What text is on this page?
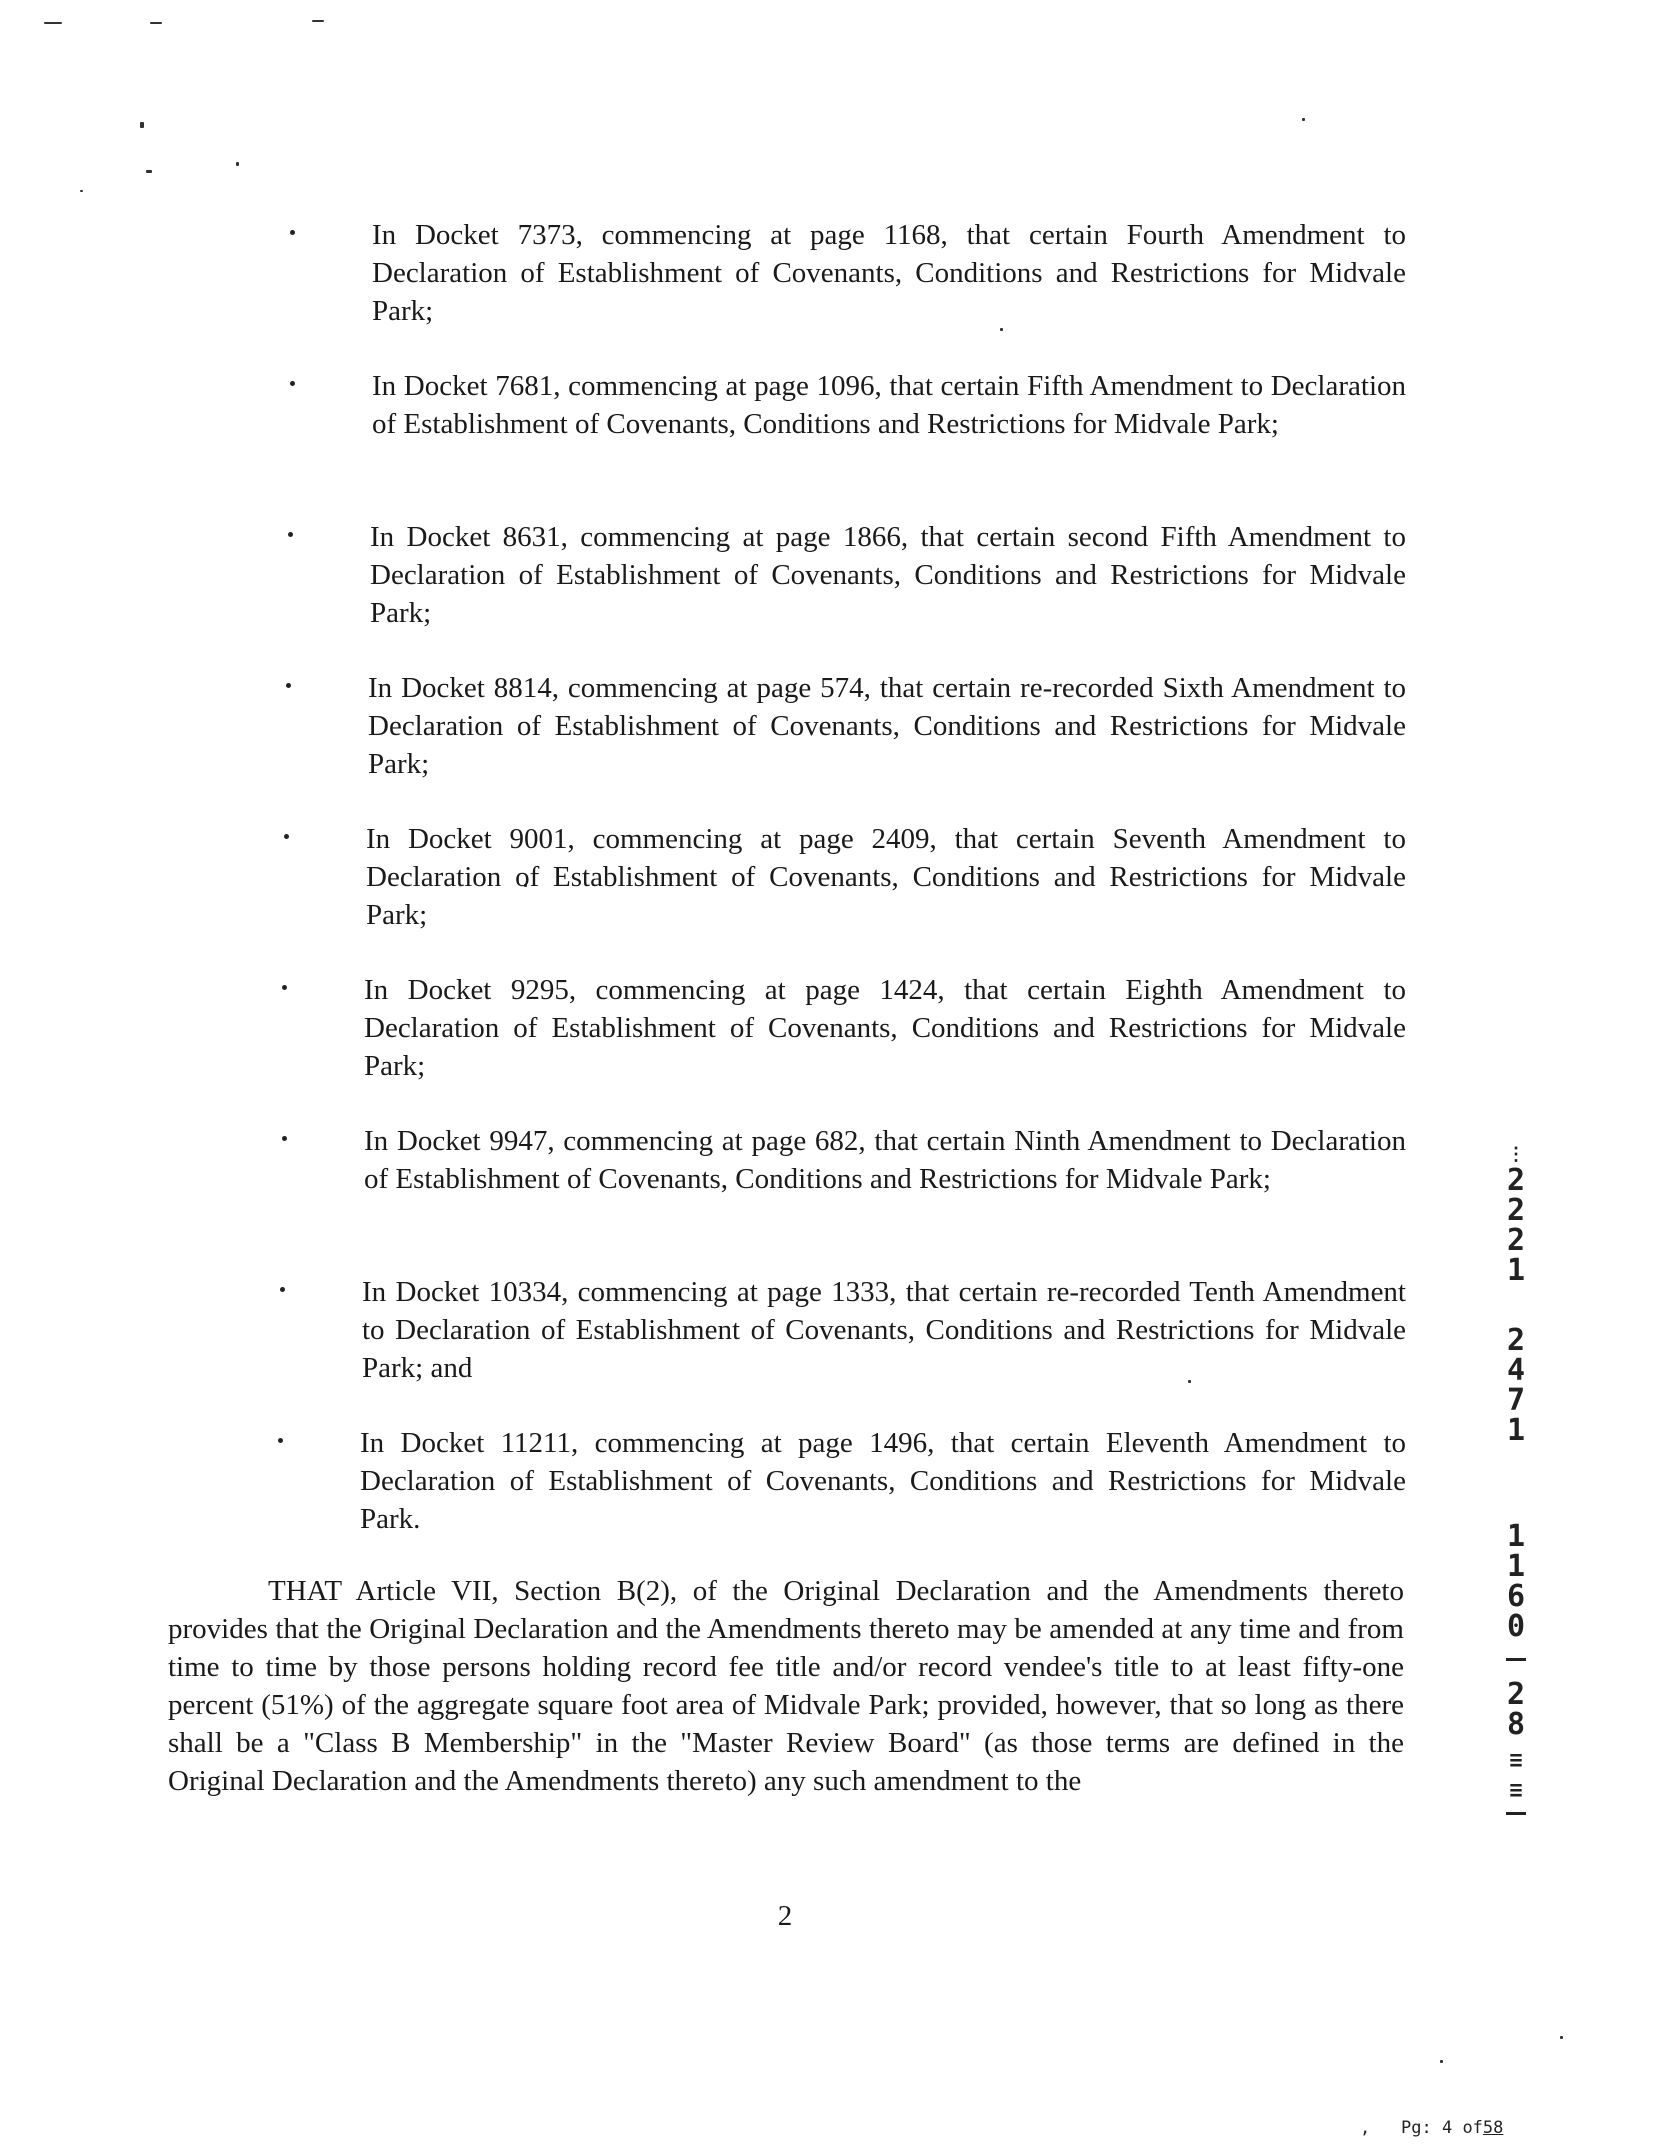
In Docket 7373, commencing at page 1168, that certain Fourth Amendment to Declaration of Establishment of Covenants, Conditions and Restrictions for Midvale Park;
In Docket 7681, commencing at page 1096, that certain Fifth Amendment to Declaration of Establishment of Covenants, Conditions and Restrictions for Midvale Park;
In Docket 8631, commencing at page 1866, that certain second Fifth Amendment to Declaration of Establishment of Covenants, Conditions and Restrictions for Midvale Park;
In Docket 8814, commencing at page 574, that certain re-recorded Sixth Amendment to Declaration of Establishment of Covenants, Conditions and Restrictions for Midvale Park;
In Docket 9001, commencing at page 2409, that certain Seventh Amendment to Declaration of Establishment of Covenants, Conditions and Restrictions for Midvale Park;
In Docket 9295, commencing at page 1424, that certain Eighth Amendment to Declaration of Establishment of Covenants, Conditions and Restrictions for Midvale Park;
In Docket 9947, commencing at page 682, that certain Ninth Amendment to Declaration of Establishment of Covenants, Conditions and Restrictions for Midvale Park;
In Docket 10334, commencing at page 1333, that certain re-recorded Tenth Amendment to Declaration of Establishment of Covenants, Conditions and Restrictions for Midvale Park; and
In Docket 11211, commencing at page 1496, that certain Eleventh Amendment to Declaration of Establishment of Covenants, Conditions and Restrictions for Midvale Park.

THAT Article VII, Section B(2), of the Original Declaration and the Amendments thereto provides that the Original Declaration and the Amendments thereto may be amended at any time and from time to time by those persons holding record fee title and/or record vendee's title to at least fifty-one percent (51%) of the aggregate square foot area of Midvale Park; provided, however, that so long as there shall be a "Class B Membership" in the "Master Review Board" (as those terms are defined in the Original Declaration and the Amendments thereto) any such amendment to the

2
⋮
2
2
2
1
2
4
7
1
1
1
6
0
2
8
≡
≡
, Pg: 4 of58
